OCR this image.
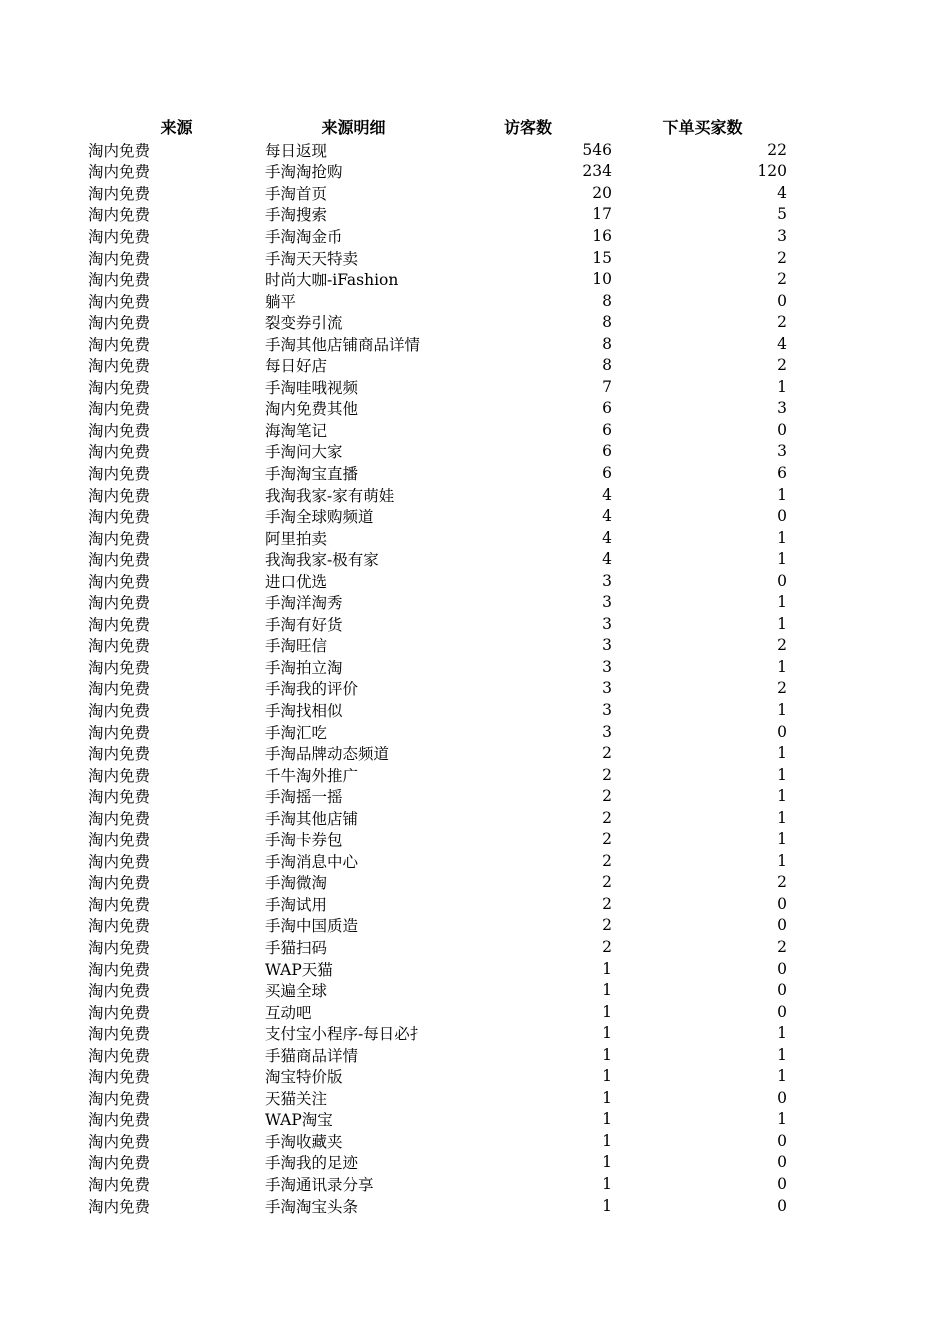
来源	来源明细	访客数	下单买家数
淘内免费	每日返现	546	22
淘内免费	手淘淘抢购	234	120
淘内免费	手淘首页	20	4
淘内免费	手淘搜索	17	5
淘内免费	手淘淘金币	16	3
淘内免费	手淘天天特卖	15	2
淘内免费	时尚大咖-iFashion	10	2
淘内免费	躺平	8	0
淘内免费	裂变券引流	8	2
淘内免费	手淘其他店铺商品详情	8	4
淘内免费	每日好店	8	2
淘内免费	手淘哇哦视频	7	1
淘内免费	淘内免费其他	6	3
淘内免费	海淘笔记	6	0
淘内免费	手淘问大家	6	3
淘内免费	手淘淘宝直播	6	6
淘内免费	我淘我家-家有萌娃	4	1
淘内免费	手淘全球购频道	4	0
淘内免费	阿里拍卖	4	1
淘内免费	我淘我家-极有家	4	1
淘内免费	进口优选	3	0
淘内免费	手淘洋淘秀	3	1
淘内免费	手淘有好货	3	1
淘内免费	手淘旺信	3	2
淘内免费	手淘拍立淘	3	1
淘内免费	手淘我的评价	3	2
淘内免费	手淘找相似	3	1
淘内免费	手淘汇吃	3	0
淘内免费	手淘品牌动态频道	2	1
淘内免费	千牛淘外推广	2	1
淘内免费	手淘摇一摇	2	1
淘内免费	手淘其他店铺	2	1
淘内免费	手淘卡券包	2	1
淘内免费	手淘消息中心	2	1
淘内免费	手淘微淘	2	2
淘内免费	手淘试用	2	0
淘内免费	手淘中国质造	2	0
淘内免费	手猫扫码	2	2
淘内免费	WAP天猫	1	0
淘内免费	买遍全球	1	0
淘内免费	互动吧	1	0
淘内免费	支付宝小程序-每日必扌	1	1
淘内免费	手猫商品详情	1	1
淘内免费	淘宝特价版	1	1
淘内免费	天猫关注	1	0
淘内免费	WAP淘宝	1	1
淘内免费	手淘收藏夹	1	0
淘内免费	手淘我的足迹	1	0
淘内免费	手淘通讯录分享	1	0
淘内免费	手淘淘宝头条	1	0
